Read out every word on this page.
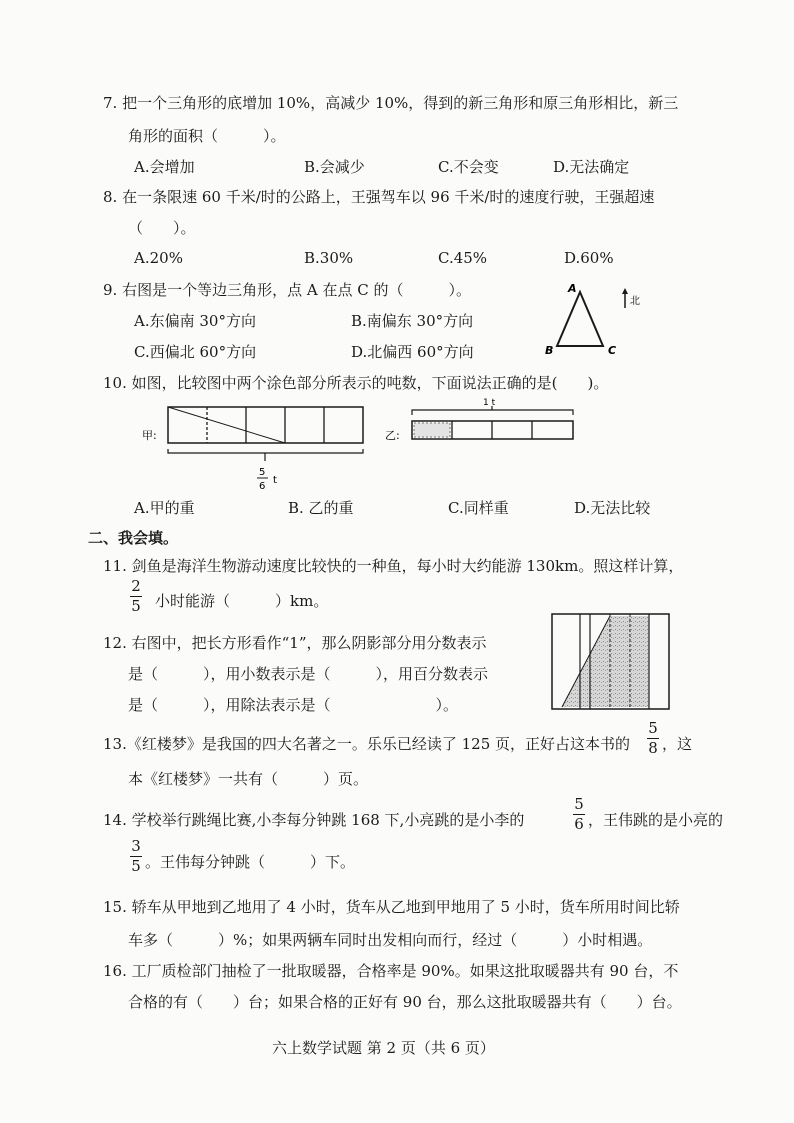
7. 把一个三角形的底增加 10%，高减少 10%，得到的新三角形和原三角形相比，新三
角形的面积（　　　）。
A.会增加	B.会减少	C.不会变	D.无法确定
8. 在一条限速 60 千米/时的公路上，王强驾车以 96 千米/时的速度行驶，王强超速
（　　）。
A.20%	B.30%	C.45%	D.60%
9. 右图是一个等边三角形，点 A 在点 C 的（　　　）。
A.东偏南 30°方向	B.南偏东 30°方向
C.西偏北 60°方向	D.北偏西 60°方向
A
B	C
北
10. 如图，比较图中两个涂色部分所表示的吨数，下面说法正确的是(　　)。
甲:
5
6
t
1 t
乙:
A.甲的重	B. 乙的重	C.同样重	D.无法比较
二、我会填。
11. 剑鱼是海洋生物游动速度比较快的一种鱼，每小时大约能游 130km。照这样计算，
2
5 小时能游（　　　）km。
12. 右图中，把长方形看作“1”，那么阴影部分用分数表示
是（　　　），用小数表示是（　　　），用百分数表示
是（　　　），用除法表示是（　　　　　　　）。
13.《红楼梦》是我国的四大名著之一。乐乐已经读了 125 页，正好占这本书的
5
8 ，这
本《红楼梦》一共有（　　　）页。
14. 学校举行跳绳比赛,小李每分钟跳 168 下,小亮跳的是小李的
5
6 ，王伟跳的是小亮的
3
5 。王伟每分钟跳（　　　）下。
15. 轿车从甲地到乙地用了 4 小时，货车从乙地到甲地用了 5 小时，货车所用时间比轿
车多（　　　）%；如果两辆车同时出发相向而行，经过（　　　）小时相遇。
16. 工厂质检部门抽检了一批取暖器，合格率是 90%。如果这批取暖器共有 90 台，不
合格的有（　　）台；如果合格的正好有 90 台，那么这批取暖器共有（　　）台。
六上数学试题 第 2 页（共 6 页）
